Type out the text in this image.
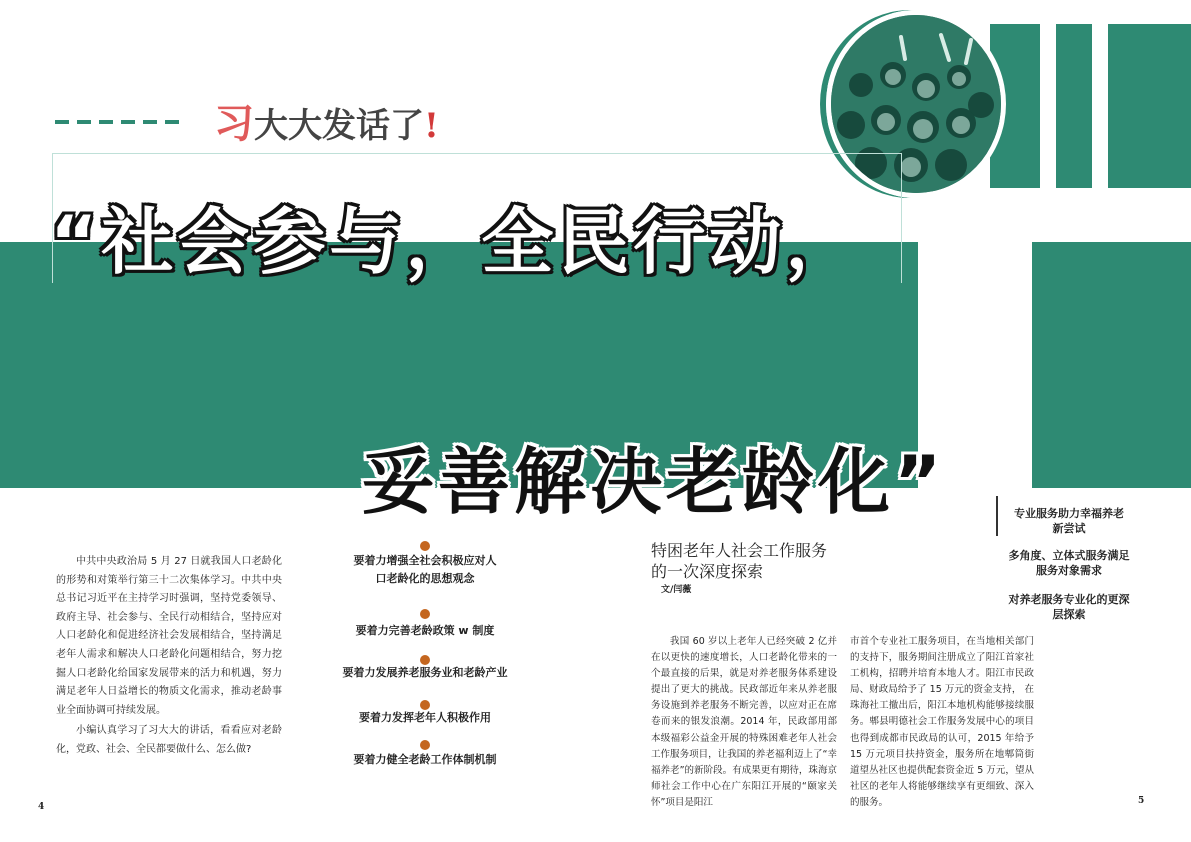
习大大发话了!
“社会参与，全民行动，
妥善解决老龄化”

中共中央政治局 5 月 27 日就我国人口老龄化的形势和对策举行第三十二次集体学习。中共中央总书记习近平在主持学习时强调，坚持党委领导、政府主导、社会参与、全民行动相结合，坚持应对人口老龄化和促进经济社会发展相结合，坚持满足老年人需求和解决人口老龄化问题相结合，努力挖掘人口老龄化给国家发展带来的活力和机遇，努力满足老年人日益增长的物质文化需求，推动老龄事业全面协调可持续发展。

小编认真学习了习大大的讲话，看看应对老龄化，党政、社会、全民都要做什么、怎么做?

要着力增强全社会积极应对人口老龄化的思想观念
要着力完善老龄政策 w 制度
要着力发展养老服务业和老龄产业
要着力发挥老年人积极作用
要着力健全老龄工作体制机制
特困老年人社会工作服务的一次深度探索
文/闫薇

我国 60 岁以上老年人已经突破 2 亿并在以更快的速度增长，人口老龄化带来的一个最直接的后果，就是对养老服务体系建设提出了更大的挑战。民政部近年来从养老服务设施到养老服务不断完善，以应对正在席卷而来的银发浪潮。2014 年，民政部用部本级福彩公益金开展的特殊困难老年人社会工作服务项目，让我国的养老福利迈上了“幸福养老”的新阶段。有成果更有期待，珠海京师社会工作中心在广东阳江开展的“颐家关怀”项目是阳江

市首个专业社工服务项目，在当地相关部门的支持下，服务期间注册成立了阳江首家社工机构，招聘并培育本地人才。阳江市民政局、财政局给予了 15 万元的资金支持， 在珠海社工撤出后，阳江本地机构能够接续服务。郫县明德社会工作服务发展中心的项目也得到成都市民政局的认可，2015 年给予 15 万元项目扶持资金，服务所在地郫筒街道望丛社区也提供配套资金近 5 万元，望从社区的老年人将能够继续享有更细致、深入的服务。

专业服务助力幸福养老新尝试
多角度、立体式服务满足服务对象需求
对养老服务专业化的更深层探索
4
5
